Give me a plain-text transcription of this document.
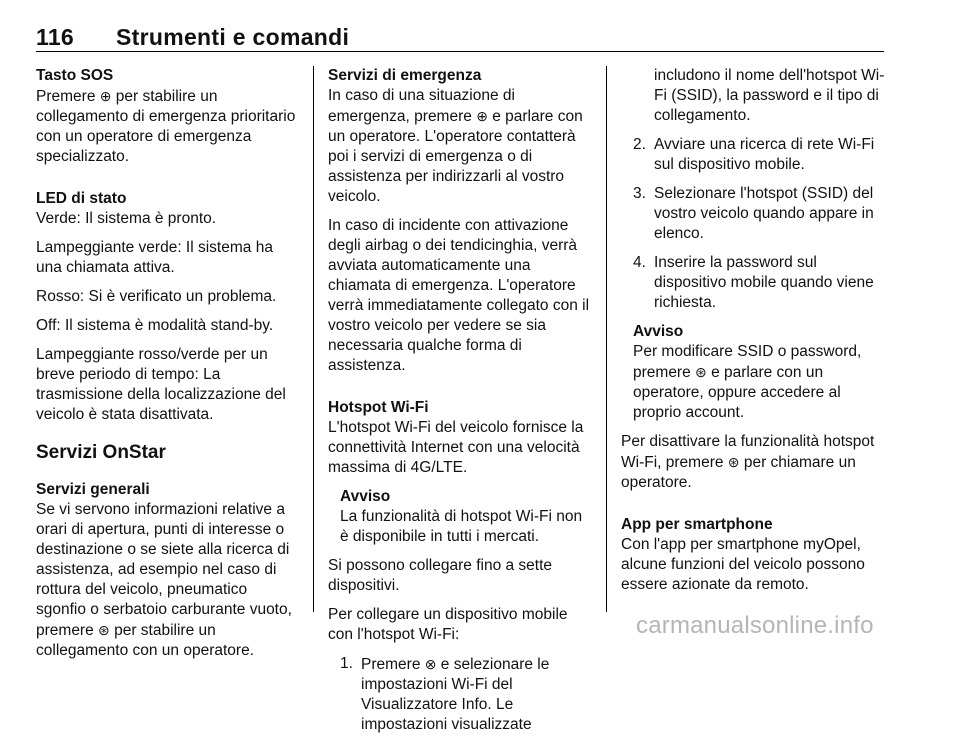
116 Strumenti e comandi
Tasto SOS
Premere ⊕ per stabilire un collegamento di emergenza prioritario con un operatore di emergenza specializzato.
LED di stato
Verde: Il sistema è pronto.
Lampeggiante verde: Il sistema ha una chiamata attiva.
Rosso: Si è verificato un problema.
Off: Il sistema è modalità stand-by.
Lampeggiante rosso/verde per un breve periodo di tempo: La trasmissione della localizzazione del veicolo è stata disattivata.
Servizi OnStar
Servizi generali
Se vi servono informazioni relative a orari di apertura, punti di interesse o destinazione o se siete alla ricerca di assistenza, ad esempio nel caso di rottura del veicolo, pneumatico sgonfio o serbatoio carburante vuoto, premere ⊛ per stabilire un collegamento con un operatore.
Servizi di emergenza
In caso di una situazione di emergenza, premere ⊕ e parlare con un operatore. L'operatore contatterà poi i servizi di emergenza o di assistenza per indirizzarli al vostro veicolo.
In caso di incidente con attivazione degli airbag o dei tendicinghia, verrà avviata automaticamente una chiamata di emergenza. L'operatore verrà immediatamente collegato con il vostro veicolo per vedere se sia necessaria qualche forma di assistenza.
Hotspot Wi-Fi
L'hotspot Wi-Fi del veicolo fornisce la connettività Internet con una velocità massima di 4G/LTE.
Avviso
La funzionalità di hotspot Wi-Fi non è disponibile in tutti i mercati.
Si possono collegare fino a sette dispositivi.
Per collegare un dispositivo mobile con l'hotspot Wi-Fi:
1. Premere ⊗ e selezionare le impostazioni Wi-Fi del Visualizzatore Info. Le impostazioni visualizzate
includono il nome dell'hotspot Wi-Fi (SSID), la password e il tipo di collegamento.
2. Avviare una ricerca di rete Wi-Fi sul dispositivo mobile.
3. Selezionare l'hotspot (SSID) del vostro veicolo quando appare in elenco.
4. Inserire la password sul dispositivo mobile quando viene richiesta.
Avviso
Per modificare SSID o password, premere ⊛ e parlare con un operatore, oppure accedere al proprio account.
Per disattivare la funzionalità hotspot Wi-Fi, premere ⊛ per chiamare un operatore.
App per smartphone
Con l'app per smartphone myOpel, alcune funzioni del veicolo possono essere azionate da remoto.
carmanualsonline.info
